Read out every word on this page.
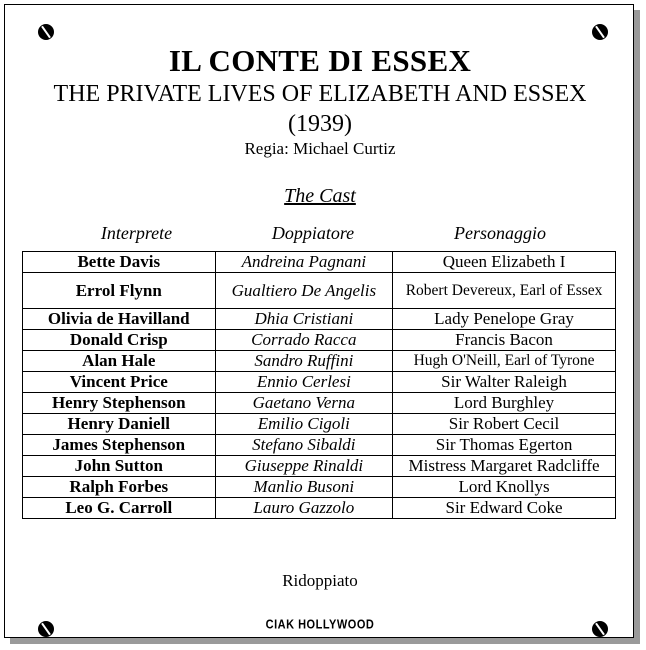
IL CONTE DI ESSEX
THE PRIVATE LIVES OF ELIZABETH AND ESSEX
(1939)
Regia: Michael Curtiz
The Cast
Interprete	Doppiatore	Personaggio
Bette Davis	Andreina Pagnani	Queen Elizabeth I
Errol Flynn	Gualtiero De Angelis	Robert Devereux, Earl of Essex
Olivia de Havilland	Dhia Cristiani	Lady Penelope Gray
Donald Crisp	Corrado Racca	Francis Bacon
Alan Hale	Sandro Ruffini	Hugh O'Neill, Earl of Tyrone
Vincent Price	Ennio Cerlesi	Sir Walter Raleigh
Henry Stephenson	Gaetano Verna	Lord Burghley
Henry Daniell	Emilio Cigoli	Sir Robert Cecil
James Stephenson	Stefano Sibaldi	Sir Thomas Egerton
John Sutton	Giuseppe Rinaldi	Mistress Margaret Radcliffe
Ralph Forbes	Manlio Busoni	Lord Knollys
Leo G. Carroll	Lauro Gazzolo	Sir Edward Coke
Ridoppiato
CIAK HOLLYWOOD
